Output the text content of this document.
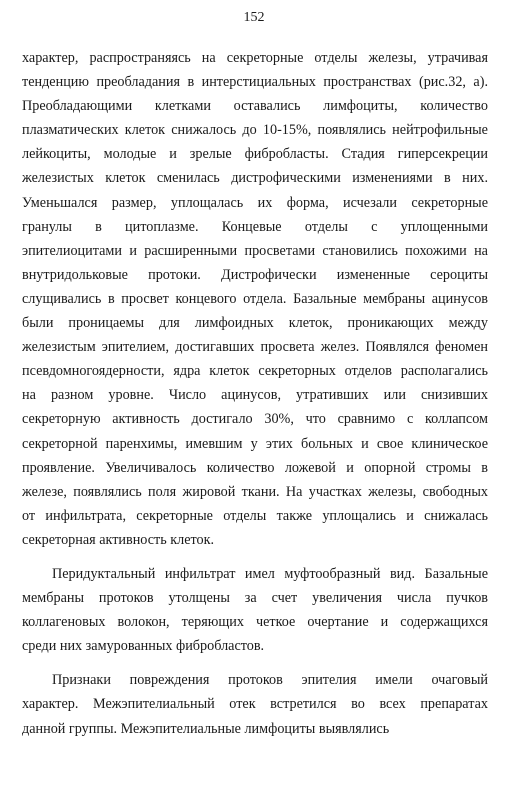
152
характер, распространяясь на секреторные отделы железы, утрачивая
тенденцию преобладания в интерстициальных пространствах (рис.32, а).
Преобладающими клетками оставались лимфоциты, количество
плазматических клеток снижалось до 10-15%, появлялись нейтрофильные
лейкоциты, молодые и зрелые фибробласты. Стадия гиперсекреции
железистых клеток сменилась дистрофическими изменениями в них.
Уменьшался размер, уплощалась их форма, исчезали секреторные
гранулы в цитоплазме. Концевые отделы с уплощенными
эпителиоцитами и расширенными просветами становились похожими на
внутридольковые протоки. Дистрофически измененные сероциты
слущивались в просвет концевого отдела. Базальные мембраны ацинусов
были проницаемы для лимфоидных клеток, проникающих между
железистым эпителием, достигавших просвета желез. Появлялся феномен
псевдомногоядерности, ядра клеток секреторных отделов располагались
на разном уровне. Число ацинусов, утративших или снизивших
секреторную активность достигало 30%, что сравнимо с коллапсом
секреторной паренхимы, имевшим у этих больных и свое клиническое
проявление. Увеличивалось количество ложевой и опорной стромы в
железе, появлялись поля жировой ткани. На участках железы, свободных
от инфильтрата, секреторные отделы также уплощались и снижалась
секреторная активность клеток.
Перидуктальный инфильтрат имел муфтообразный вид. Базальные
мембраны протоков утолщены за счет увеличения числа пучков
коллагеновых волокон, теряющих четкое очертание и содержащихся
среди них замурованных фибробластов.
Признаки повреждения протоков эпителия имели очаговый
характер. Межэпителиальный отек встретился во всех препаратах
данной группы. Межэпителиальные лимфоциты выявлялись
